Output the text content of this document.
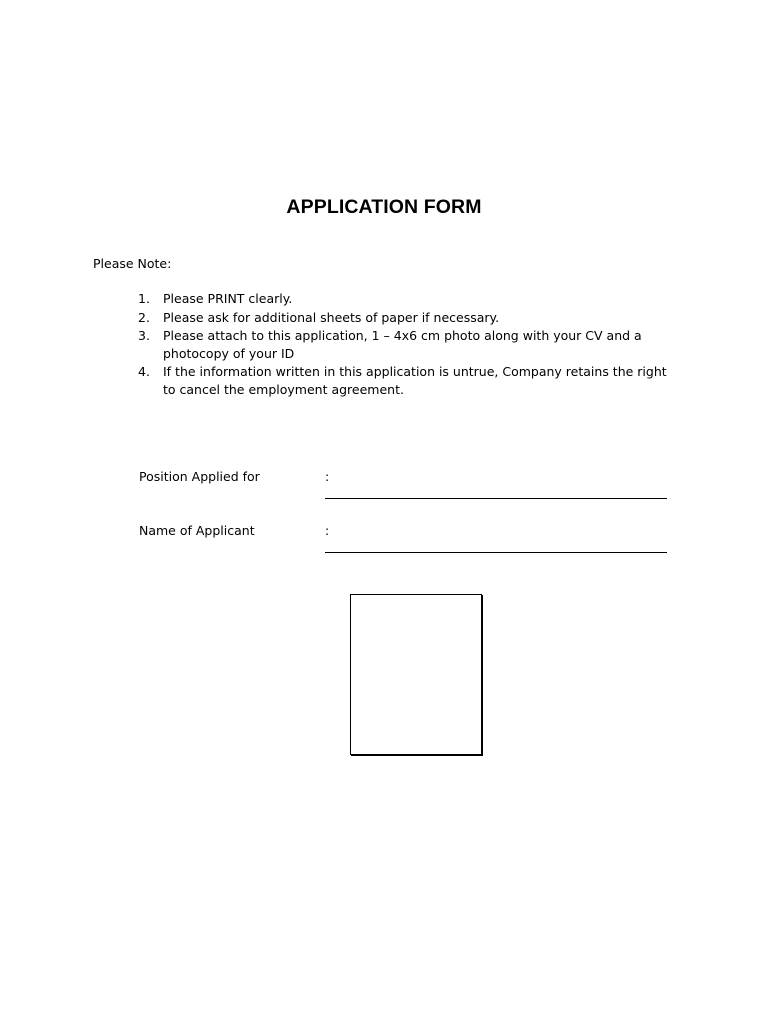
APPLICATION FORM

Please Note:

1.	Please PRINT clearly.
2.	Please ask for additional sheets of paper if necessary.
3.	Please attach to this application, 1 – 4x6 cm photo along with your CV and a photocopy of your ID
4.	If the information written in this application is untrue, Company retains the right to cancel the employment agreement.
Position Applied for	:
Name of Applicant	:
